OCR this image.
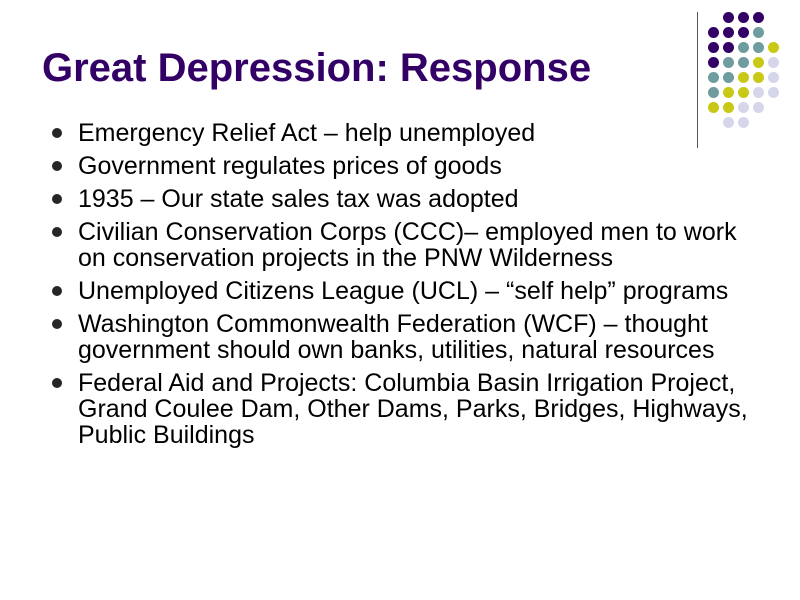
Great Depression: Response
Emergency Relief Act – help unemployed
Government regulates prices of goods
1935 – Our state sales tax was adopted
Civilian Conservation Corps (CCC)– employed men to work on conservation projects in the PNW Wilderness
Unemployed Citizens League (UCL) – “self help” programs
Washington Commonwealth Federation (WCF) – thought government should own banks, utilities, natural resources
Federal Aid and Projects: Columbia Basin Irrigation Project, Grand Coulee Dam, Other Dams, Parks, Bridges, Highways, Public Buildings
